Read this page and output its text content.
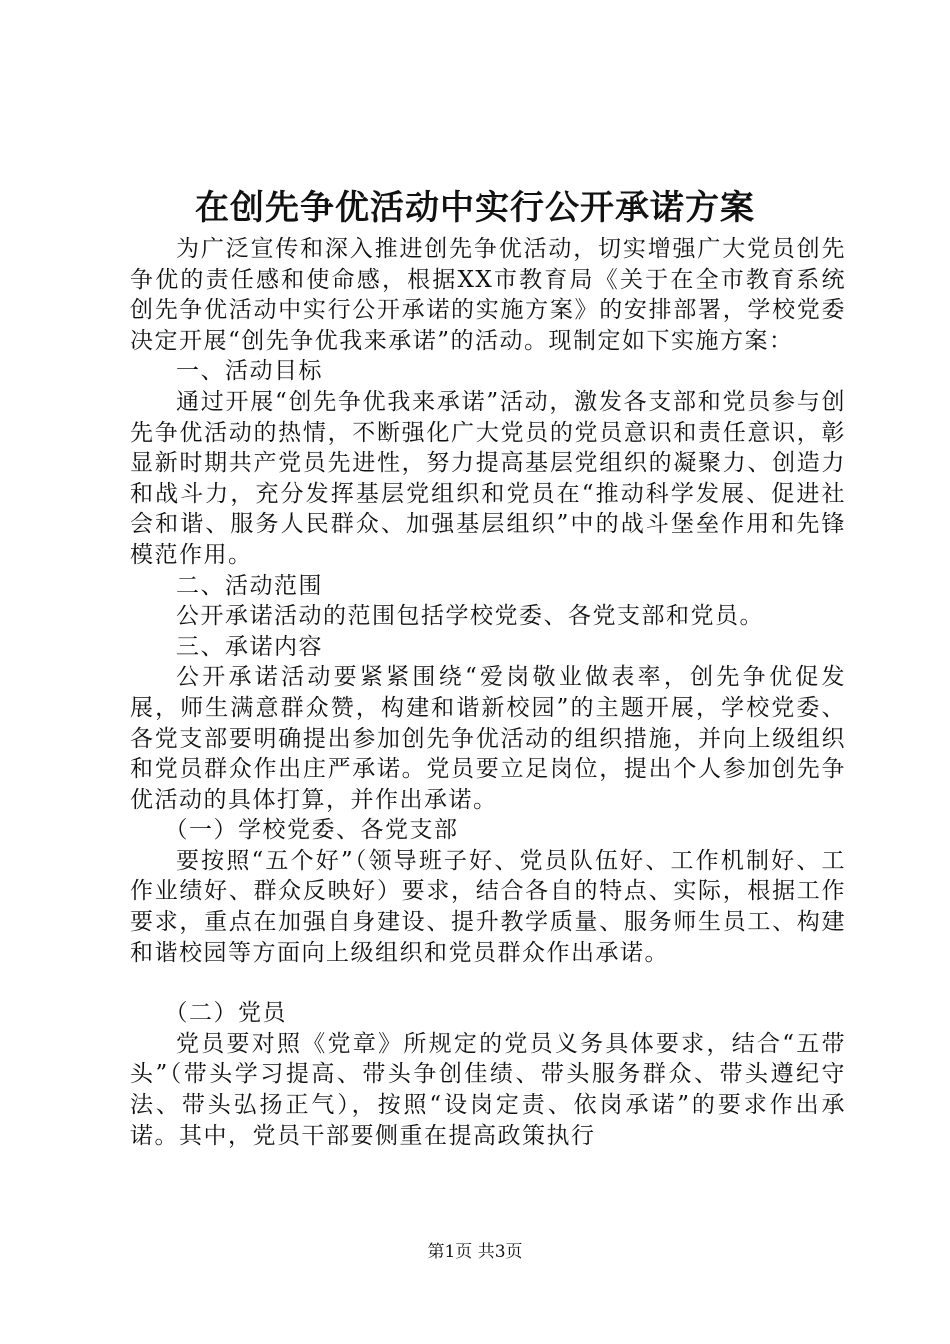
在创先争优活动中实行公开承诺方案

为广泛宣传和深入推进创先争优活动，切实增强广大党员创先争优的责任感和使命感，根据XX市教育局《关于在全市教育系统创先争优活动中实行公开承诺的实施方案》的安排部署，学校党委决定开展“创先争优我来承诺”的活动。现制定如下实施方案：

一、活动目标

通过开展“创先争优我来承诺”活动，激发各支部和党员参与创先争优活动的热情，不断强化广大党员的党员意识和责任意识，彰显新时期共产党员先进性，努力提高基层党组织的凝聚力、创造力和战斗力，充分发挥基层党组织和党员在“推动科学发展、促进社会和谐、服务人民群众、加强基层组织”中的战斗堡垒作用和先锋模范作用。

二、活动范围

公开承诺活动的范围包括学校党委、各党支部和党员。

三、承诺内容

公开承诺活动要紧紧围绕“爱岗敬业做表率，创先争优促发展，师生满意群众赞，构建和谐新校园”的主题开展，学校党委、各党支部要明确提出参加创先争优活动的组织措施，并向上级组织和党员群众作出庄严承诺。党员要立足岗位，提出个人参加创先争优活动的具体打算，并作出承诺。

（一）学校党委、各党支部

要按照“五个好”（领导班子好、党员队伍好、工作机制好、工作业绩好、群众反映好）要求，结合各自的特点、实际，根据工作要求，重点在加强自身建设、提升教学质量、服务师生员工、构建和谐校园等方面向上级组织和党员群众作出承诺。

（二）党员

党员要对照《党章》所规定的党员义务具体要求，结合“五带头”（带头学习提高、带头争创佳绩、带头服务群众、带头遵纪守法、带头弘扬正气），按照“设岗定责、依岗承诺”的要求作出承诺。其中，党员干部要侧重在提高政策执行

第1页 共3页
